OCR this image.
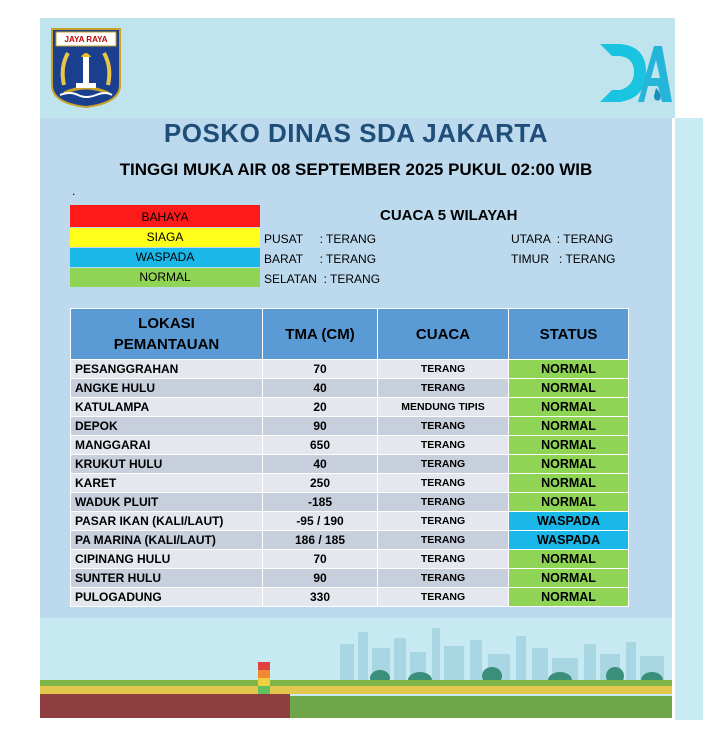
JAYA RAYA
POSKO DINAS SDA JAKARTA
TINGGI MUKA AIR 08 SEPTEMBER 2025 PUKUL 02:00 WIB
.
BAHAYA
SIAGA
WASPADA
NORMAL
CUACA 5 WILAYAH
PUSAT     : TERANG
BARAT     : TERANG
SELATAN  : TERANG
UTARA  : TERANG
TIMUR   : TERANG
LOKASI
PEMANTAUAN	TMA (CM)	CUACA	STATUS
PESANGGRAHAN	70	TERANG	NORMAL
ANGKE HULU	40	TERANG	NORMAL
KATULAMPA	20	MENDUNG TIPIS	NORMAL
DEPOK	90	TERANG	NORMAL
MANGGARAI	650	TERANG	NORMAL
KRUKUT HULU	40	TERANG	NORMAL
KARET	250	TERANG	NORMAL
WADUK PLUIT	-185	TERANG	NORMAL
PASAR IKAN (KALI/LAUT)	-95 / 190	TERANG	WASPADA
PA MARINA (KALI/LAUT)	186 / 185	TERANG	WASPADA
CIPINANG HULU	70	TERANG	NORMAL
SUNTER HULU	90	TERANG	NORMAL
PULOGADUNG	330	TERANG	NORMAL
